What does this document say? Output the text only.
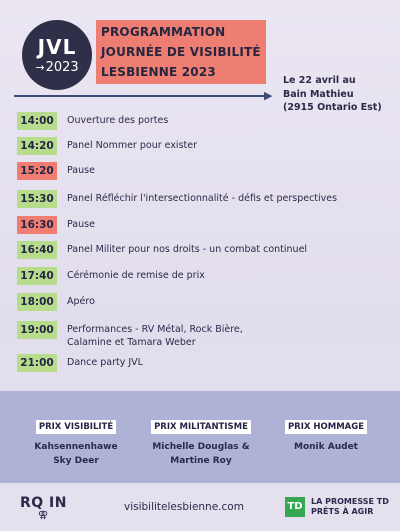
JVL
→2023
PROGRAMMATION
JOURNÉE DE VISIBILITÉ
LESBIENNE 2023
▶
Le 22 avril au
Bain Mathieu
(2915 Ontario Est)
14:00	Ouverture des portes
14:20	Panel Nommer pour exister
15:20	Pause
15:30	Panel Réfléchir l'intersectionnalité - défis et perspectives
16:30	Pause
16:40	Panel Militer pour nos droits - un combat continuel
17:40	Cérémonie de remise de prix
18:00	Apéro
19:00	Performances - RV Métal, Rock Bière,
Calamine et Tamara Weber
21:00	Dance party JVL
PRIX VISIBILITÉ
Kahsennenhawe
Sky Deer
PRIX MILITANTISME
Michelle Douglas &
Martine Roy
PRIX HOMMAGE
Monik Audet
RQ IN
⚢
visibilitelesbienne.com	TD	LA PROMESSE TD
PRÊTS À AGIR
